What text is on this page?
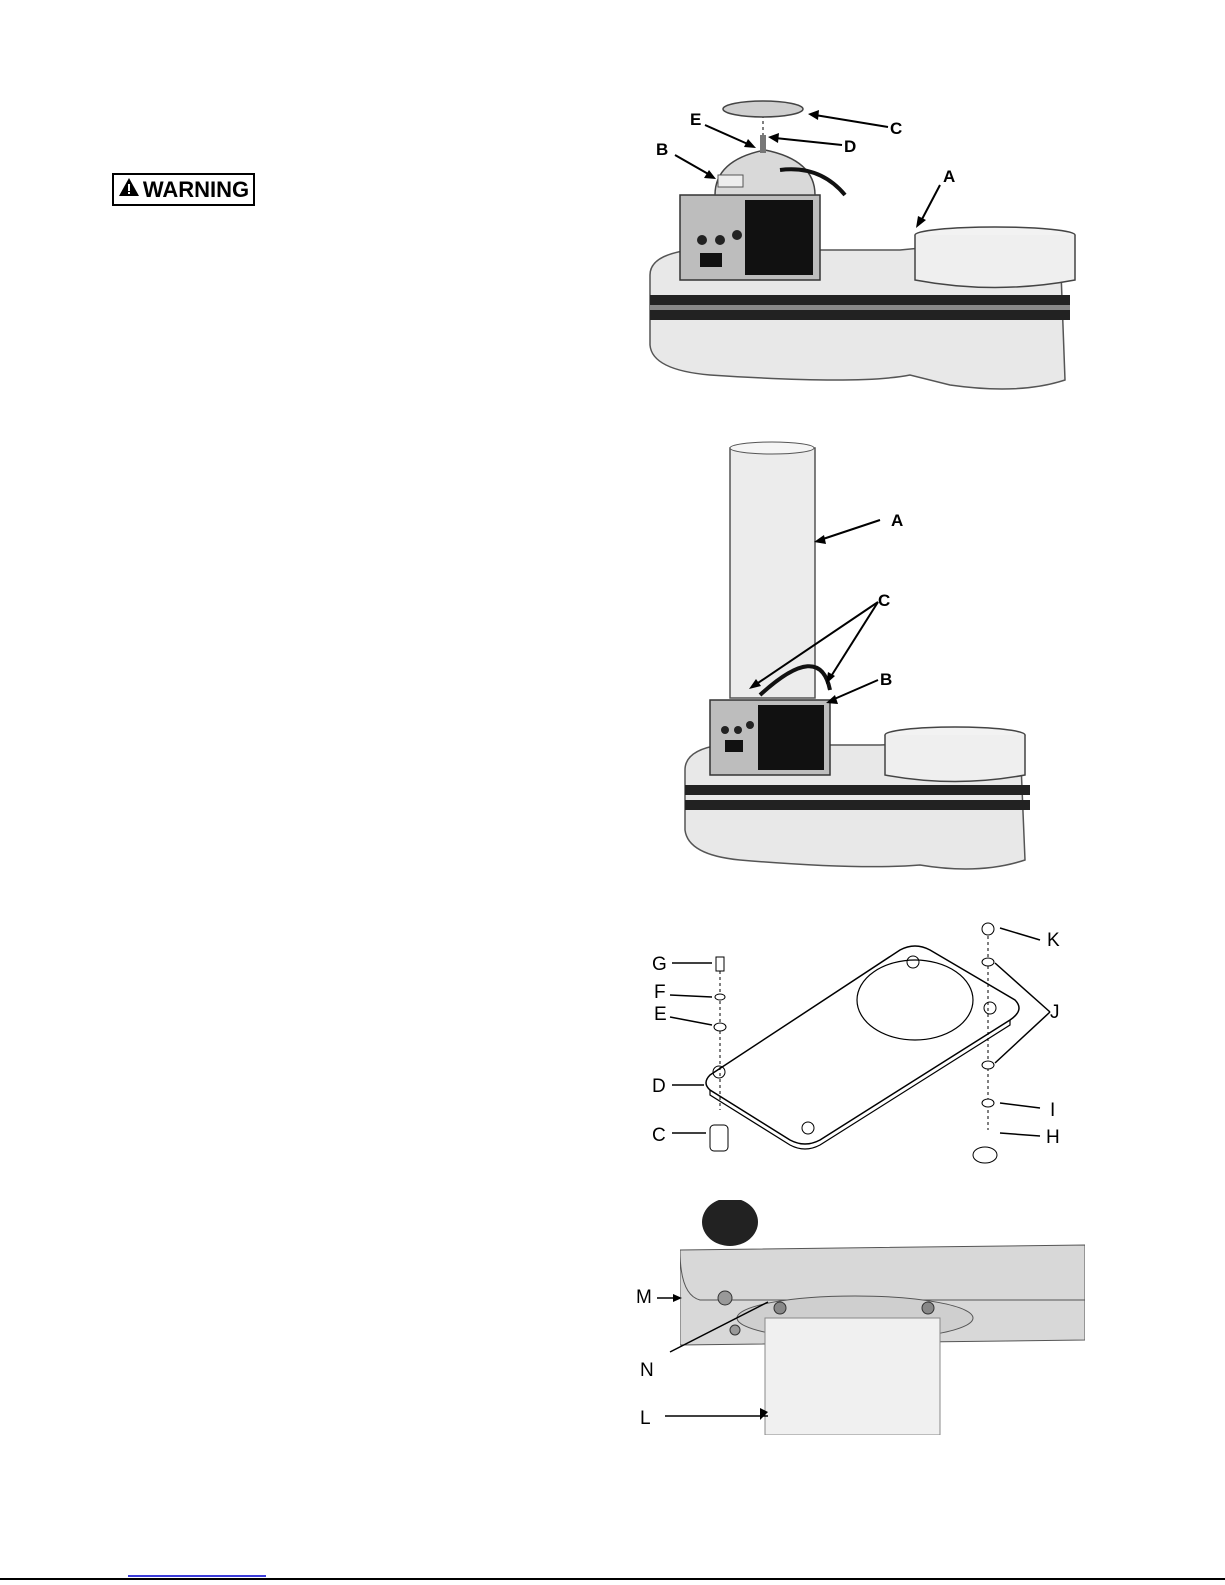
WARNING	A
B
C
D
E
A
B
C
C
D
E
F
G
H
I
J
K
L
M
N
